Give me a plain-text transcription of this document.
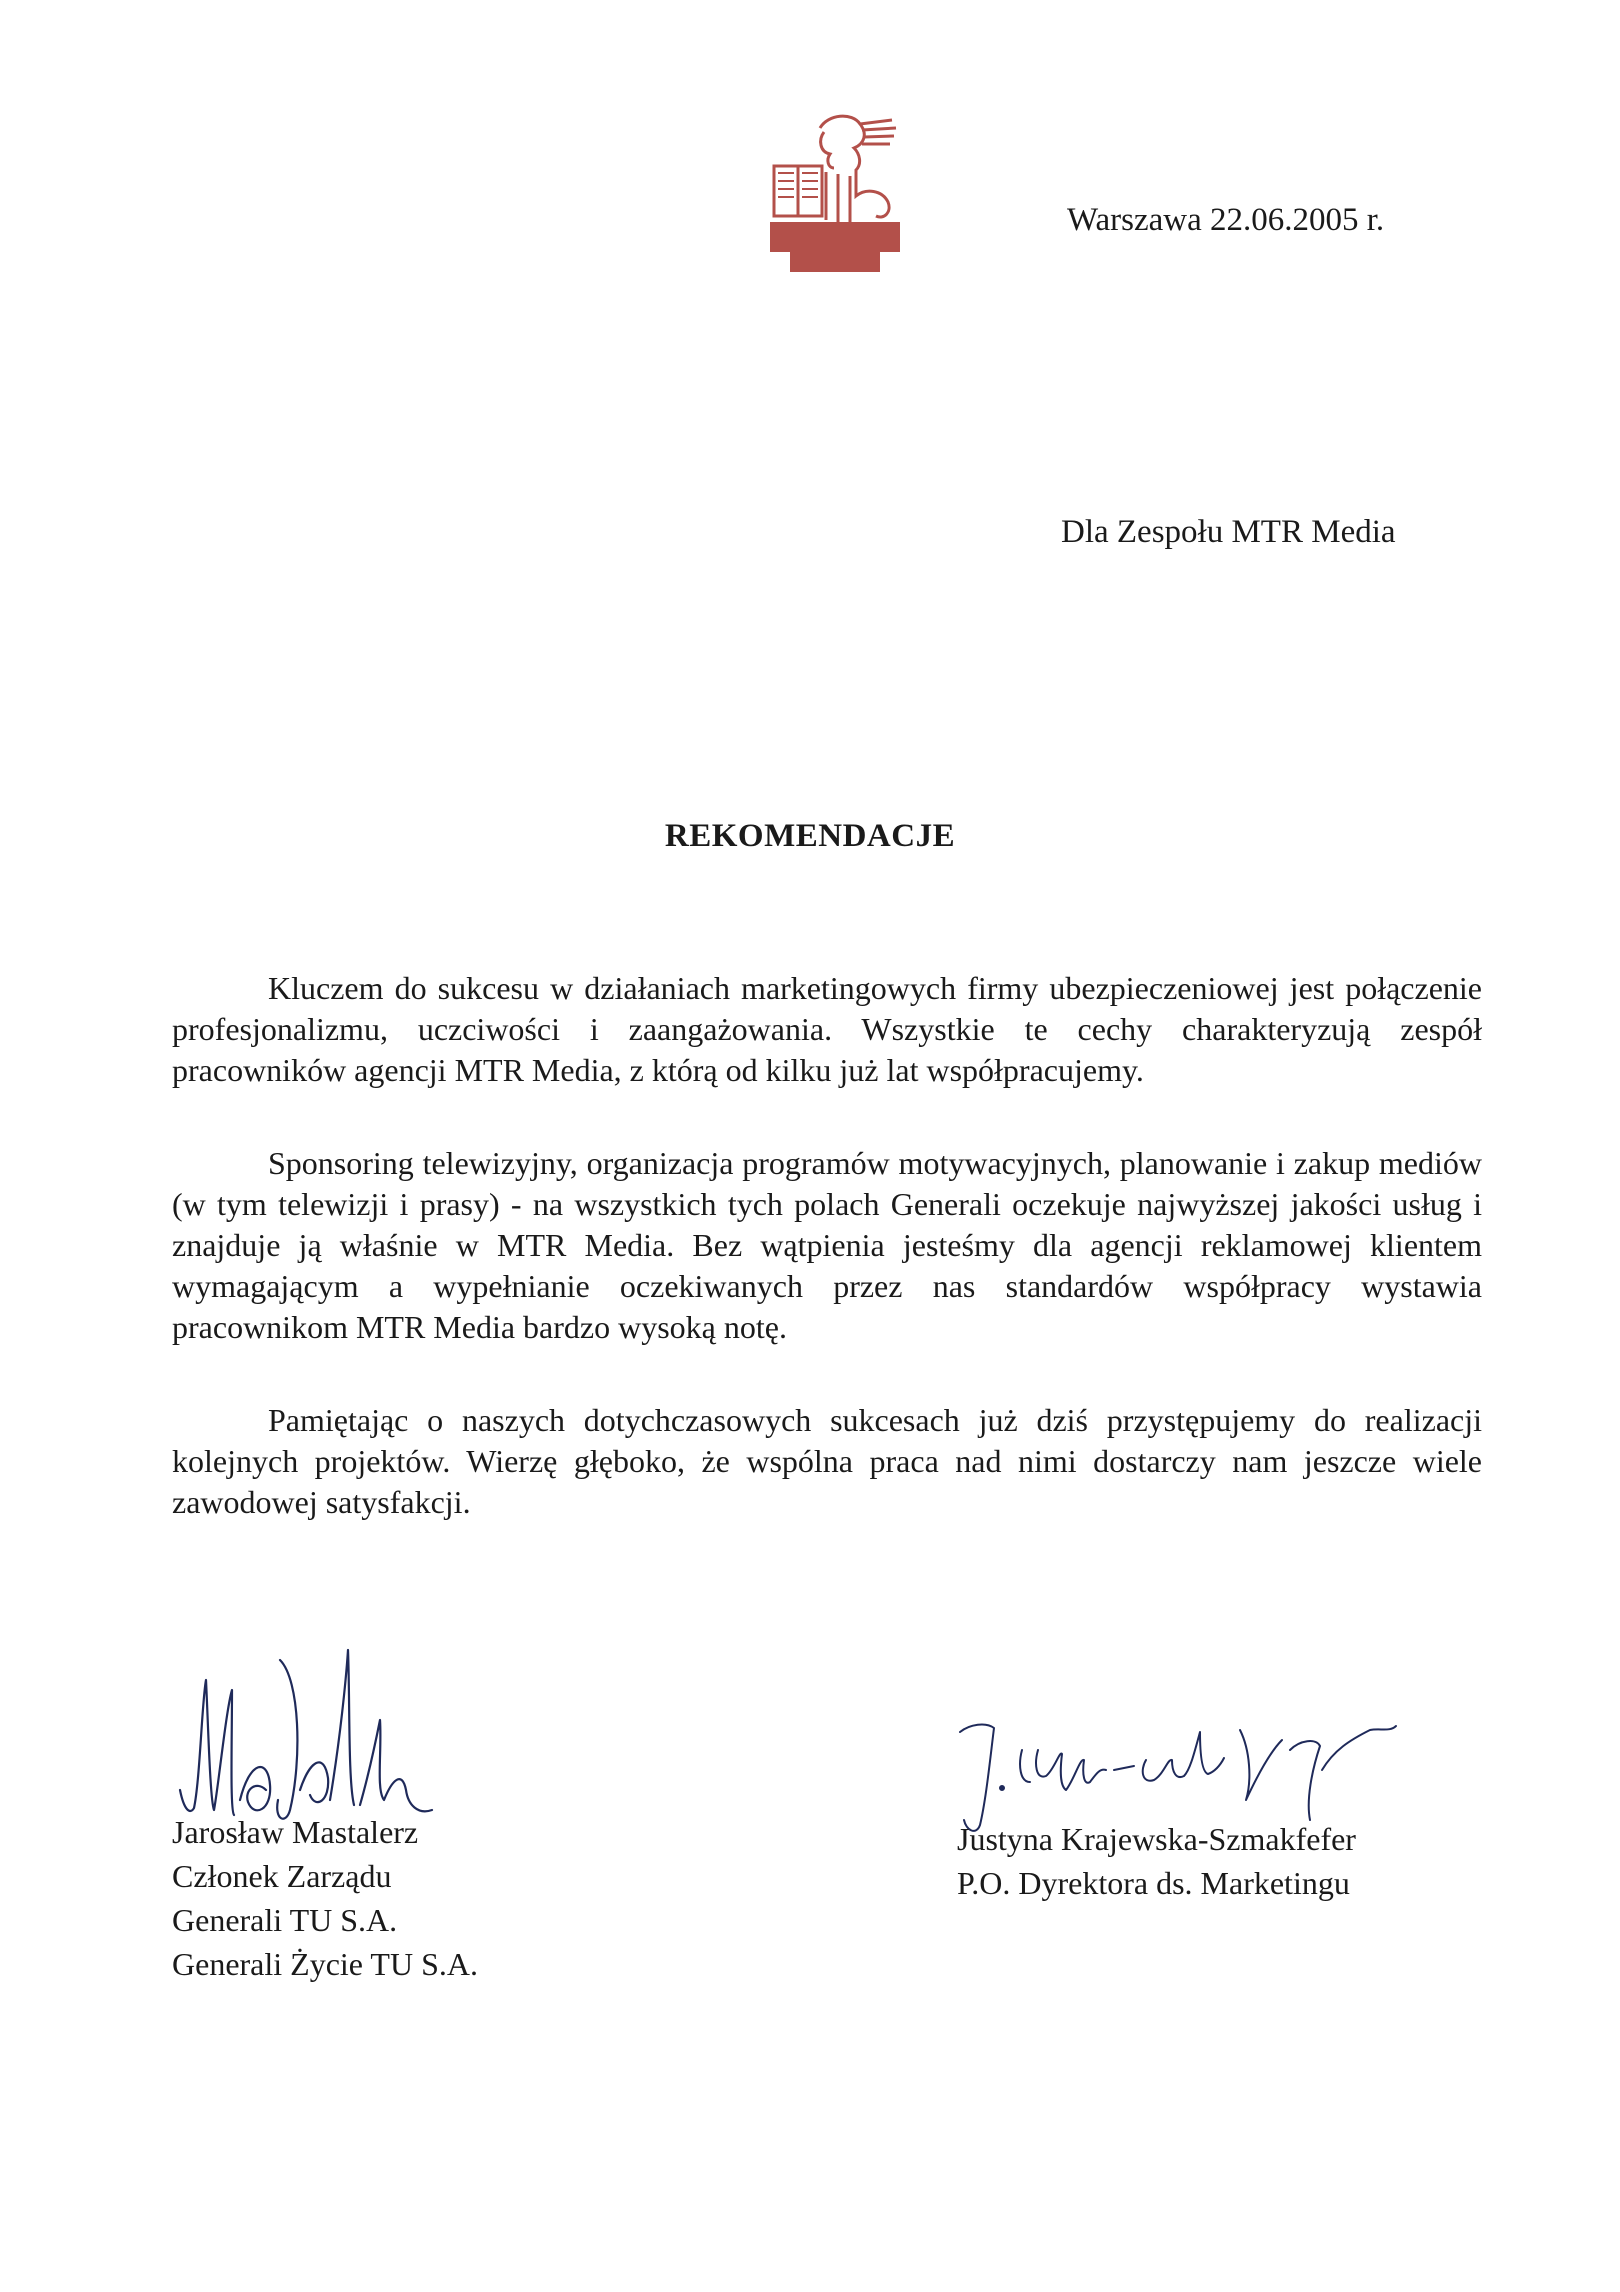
Warszawa 22.06.2005 r.
Dla Zespołu MTR Media
REKOMENDACJE

Kluczem do sukcesu w działaniach marketingowych firmy ubezpieczeniowej jest połączenie profesjonalizmu, uczciwości i zaangażowania. Wszystkie te cechy charakteryzują zespół pracowników agencji MTR Media, z którą od kilku już lat współpracujemy.

Sponsoring telewizyjny, organizacja programów motywacyjnych, planowanie i zakup mediów (w tym telewizji i prasy) - na wszystkich tych polach Generali oczekuje najwyższej jakości usług i znajduje ją właśnie w MTR Media. Bez wątpienia jesteśmy dla agencji reklamowej klientem wymagającym a wypełnianie oczekiwanych przez nas standardów współpracy wystawia pracownikom MTR Media bardzo wysoką notę.

Pamiętając o naszych dotychczasowych sukcesach już dziś przystępujemy do realizacji kolejnych projektów. Wierzę głęboko, że wspólna praca nad nimi dostarczy nam jeszcze wiele zawodowej satysfakcji.

Jarosław Mastalerz
Członek Zarządu
Generali TU S.A.
Generali Życie TU S.A.
Justyna Krajewska-Szmakfefer
P.O. Dyrektora ds. Marketingu
